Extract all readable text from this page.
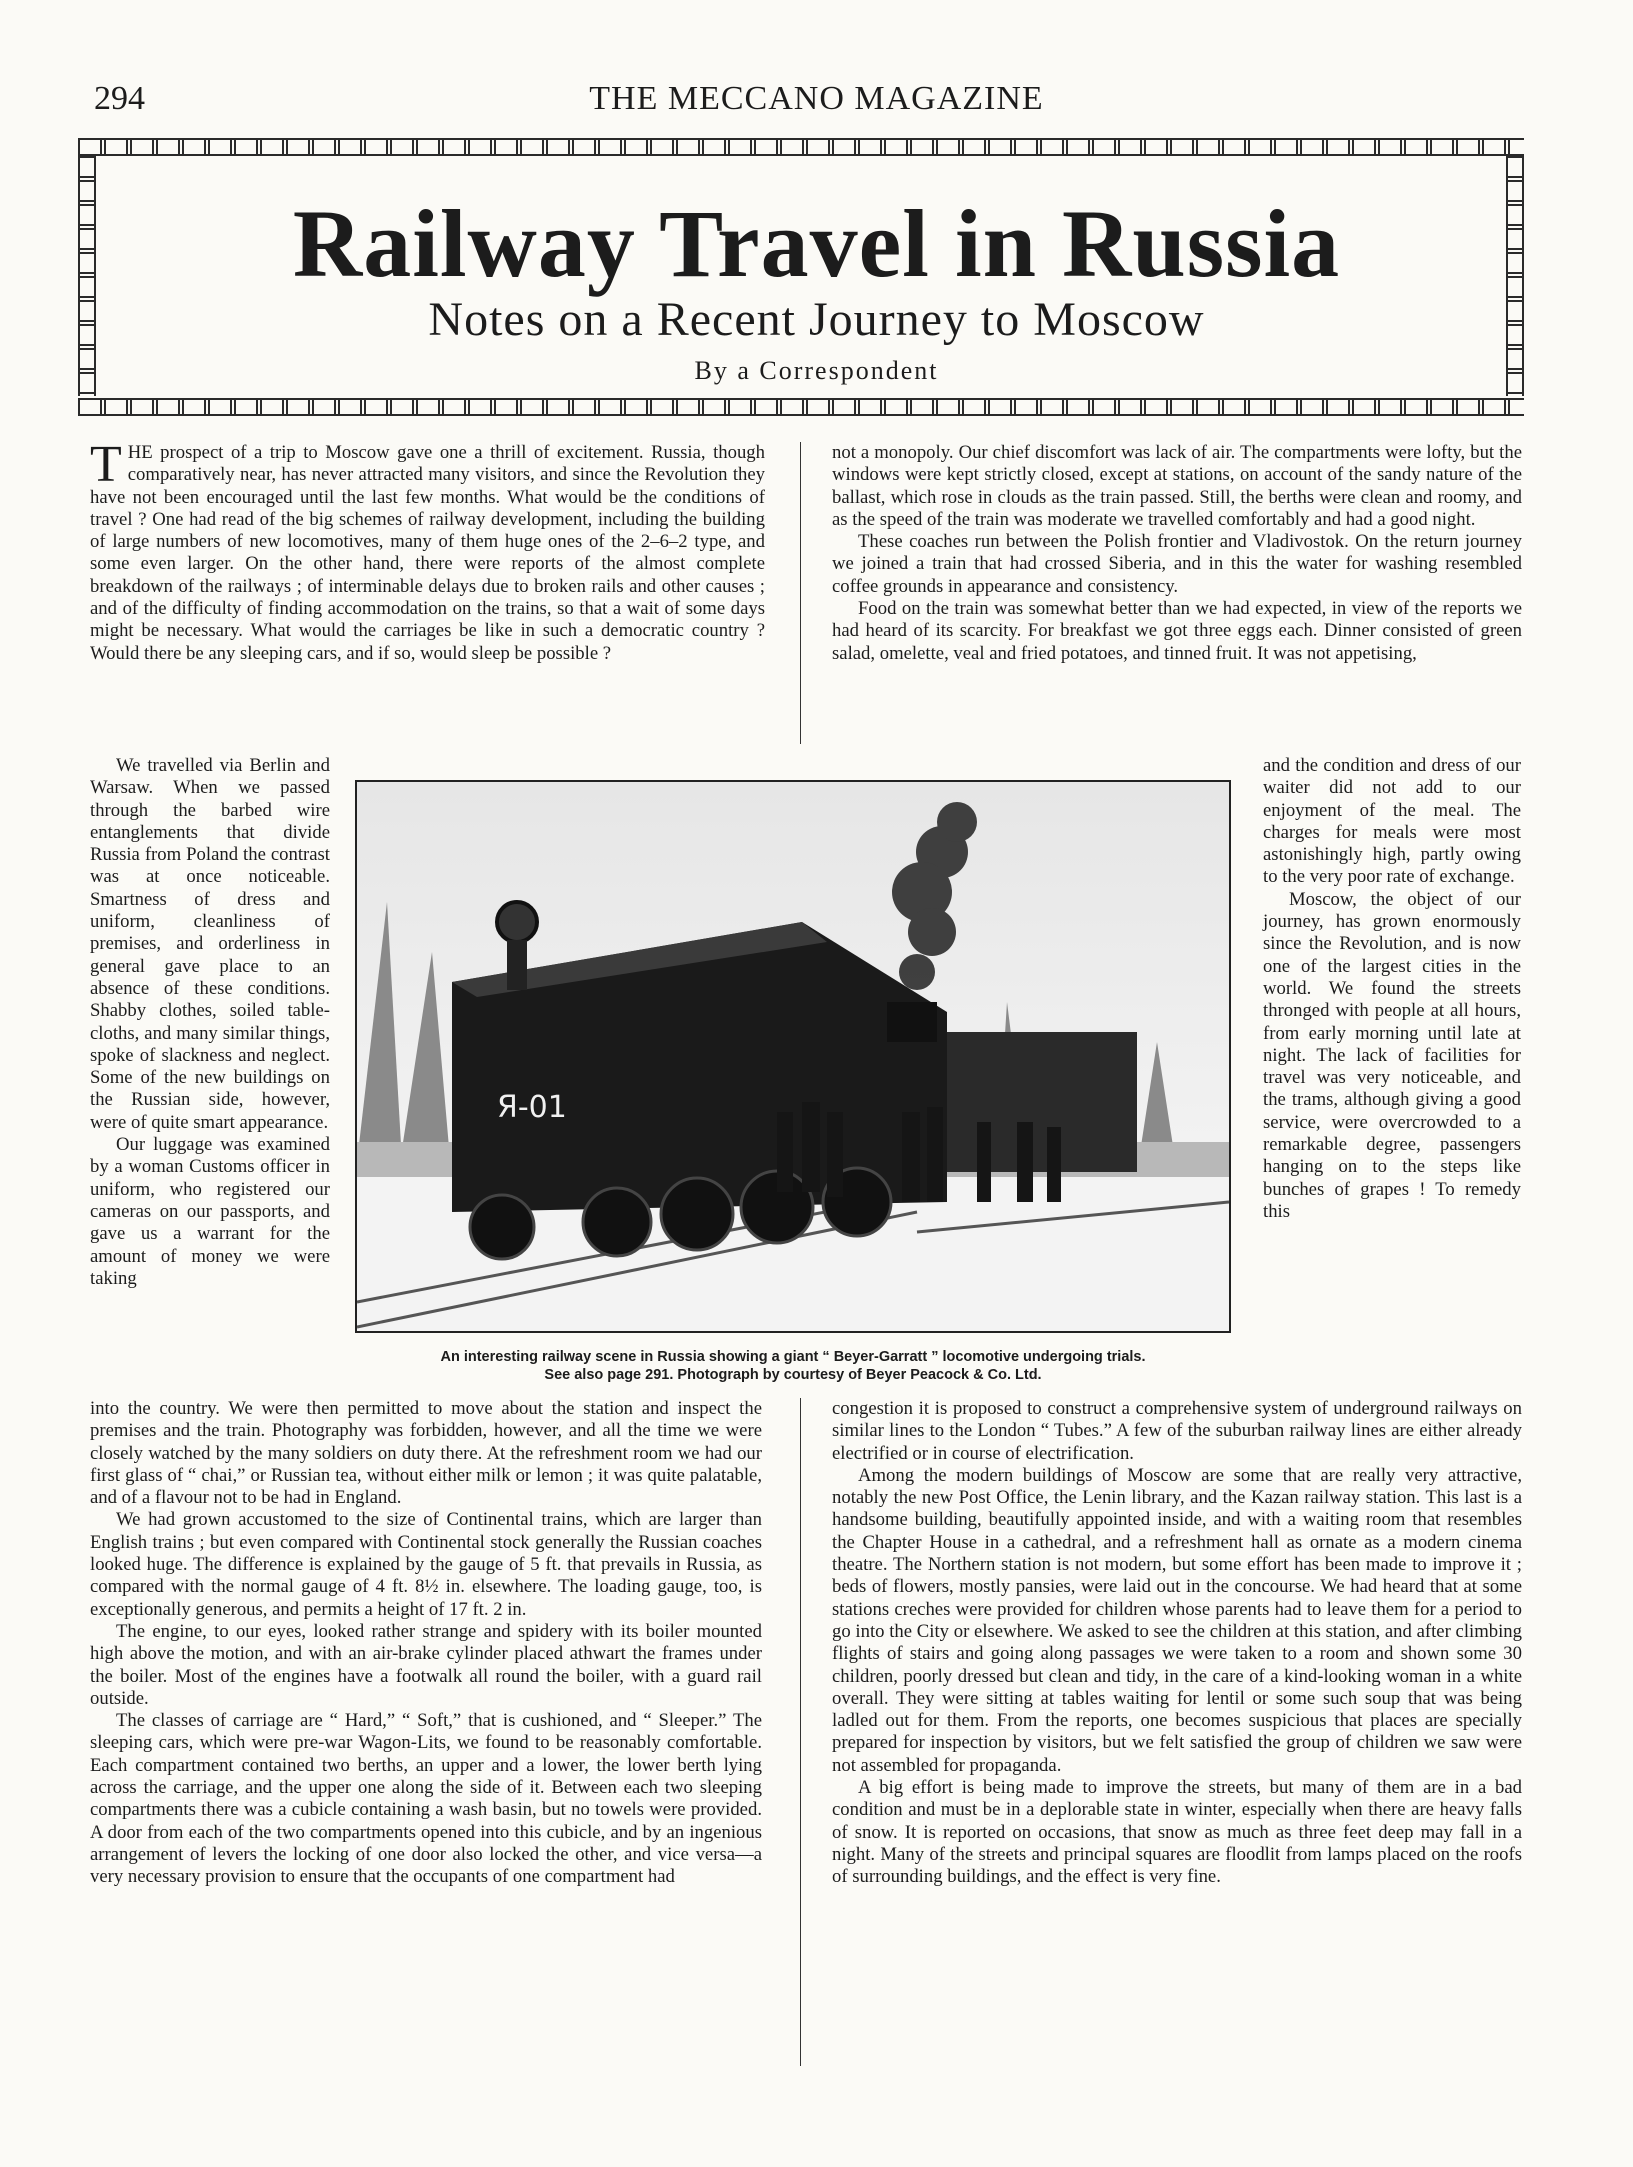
294	THE MECCANO MAGAZINE
Railway Travel in Russia
Notes on a Recent Journey to Moscow
By a Correspondent

THE prospect of a trip to Moscow gave one a thrill of excitement. Russia, though comparatively near, has never attracted many visitors, and since the Revolution they have not been encouraged until the last few months. What would be the conditions of travel ? One had read of the big schemes of railway development, including the building of large numbers of new locomotives, many of them huge ones of the 2–6–2 type, and some even larger. On the other hand, there were reports of the almost complete breakdown of the railways ; of interminable delays due to broken rails and other causes ; and of the difficulty of finding accommodation on the trains, so that a wait of some days might be necessary. What would the carriages be like in such a democratic country ? Would there be any sleeping cars, and if so, would sleep be possible ?

We travelled via Berlin and Warsaw. When we passed through the barbed wire entanglements that divide Russia from Poland the contrast was at once noticeable. Smartness of dress and uniform, cleanliness of premises, and orderliness in general gave place to an absence of these conditions. Shabby clothes, soiled table-cloths, and many similar things, spoke of slackness and neglect. Some of the new buildings on the Russian side, however, were of quite smart appearance.

Our luggage was examined by a woman Customs officer in uniform, who registered our cameras on our passports, and gave us a warrant for the amount of money we were taking

into the country. We were then permitted to move about the station and inspect the premises and the train. Photography was forbidden, however, and all the time we were closely watched by the many soldiers on duty there. At the refreshment room we had our first glass of “ chai,” or Russian tea, without either milk or lemon ; it was quite palatable, and of a flavour not to be had in England.

We had grown accustomed to the size of Continental trains, which are larger than English trains ; but even compared with Continental stock generally the Russian coaches looked huge. The difference is explained by the gauge of 5 ft. that prevails in Russia, as compared with the normal gauge of 4 ft. 8½ in. elsewhere. The loading gauge, too, is exceptionally generous, and permits a height of 17 ft. 2 in.

The engine, to our eyes, looked rather strange and spidery with its boiler mounted high above the motion, and with an air-brake cylinder placed athwart the frames under the boiler. Most of the engines have a footwalk all round the boiler, with a guard rail outside.

The classes of carriage are “ Hard,” “ Soft,” that is cushioned, and “ Sleeper.” The sleeping cars, which were pre-war Wagon-Lits, we found to be reasonably comfortable. Each compartment contained two berths, an upper and a lower, the lower berth lying across the carriage, and the upper one along the side of it. Between each two sleeping compartments there was a cubicle containing a wash basin, but no towels were provided. A door from each of the two compartments opened into this cubicle, and by an ingenious arrangement of levers the locking of one door also locked the other, and vice versa—a very necessary provision to ensure that the occupants of one compartment had

not a monopoly. Our chief discomfort was lack of air. The compartments were lofty, but the windows were kept strictly closed, except at stations, on account of the sandy nature of the ballast, which rose in clouds as the train passed. Still, the berths were clean and roomy, and as the speed of the train was moderate we travelled comfortably and had a good night.

These coaches run between the Polish frontier and Vladivostok. On the return journey we joined a train that had crossed Siberia, and in this the water for washing resembled coffee grounds in appearance and consistency.

Food on the train was somewhat better than we had expected, in view of the reports we had heard of its scarcity. For breakfast we got three eggs each. Dinner consisted of green salad, omelette, veal and fried potatoes, and tinned fruit. It was not appetising,

and the condition and dress of our waiter did not add to our enjoyment of the meal. The charges for meals were most astonishingly high, partly owing to the very poor rate of exchange.

Moscow, the object of our journey, has grown enormously since the Revolution, and is now one of the largest cities in the world. We found the streets thronged with people at all hours, from early morning until late at night. The lack of facilities for travel was very noticeable, and the trams, although giving a good service, were overcrowded to a remarkable degree, passengers hanging on to the steps like bunches of grapes ! To remedy this

congestion it is proposed to construct a comprehensive system of underground railways on similar lines to the London “ Tubes.” A few of the suburban railway lines are either already electrified or in course of electrification.

Among the modern buildings of Moscow are some that are really very attractive, notably the new Post Office, the Lenin library, and the Kazan railway station. This last is a handsome building, beautifully appointed inside, and with a waiting room that resembles the Chapter House in a cathedral, and a refreshment hall as ornate as a modern cinema theatre. The Northern station is not modern, but some effort has been made to improve it ; beds of flowers, mostly pansies, were laid out in the concourse. We had heard that at some stations creches were provided for children whose parents had to leave them for a period to go into the City or elsewhere. We asked to see the children at this station, and after climbing flights of stairs and going along passages we were taken to a room and shown some 30 children, poorly dressed but clean and tidy, in the care of a kind-looking woman in a white overall. They were sitting at tables waiting for lentil or some such soup that was being ladled out for them. From the reports, one becomes suspicious that places are specially prepared for inspection by visitors, but we felt satisfied the group of children we saw were not assembled for propaganda.

A big effort is being made to improve the streets, but many of them are in a bad condition and must be in a deplorable state in winter, especially when there are heavy falls of snow. It is reported on occasions, that snow as much as three feet deep may fall in a night. Many of the streets and principal squares are floodlit from lamps placed on the roofs of surrounding buildings, and the effect is very fine.

Я-01
An interesting railway scene in Russia showing a giant “ Beyer-Garratt ” locomotive undergoing trials.
See also page 291. Photograph by courtesy of Beyer Peacock & Co. Ltd.
